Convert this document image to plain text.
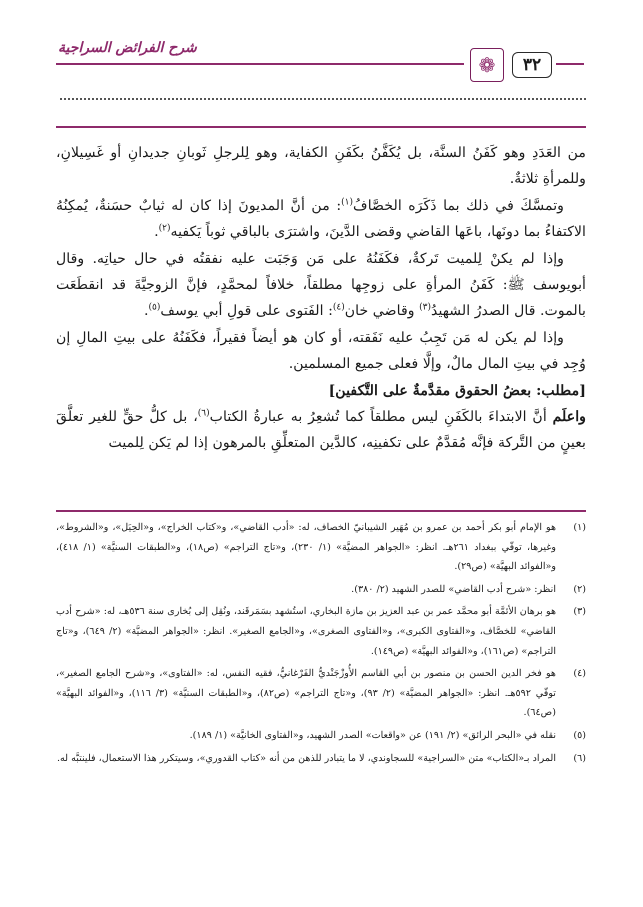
شرح الفرائض السراجية
❁	٣٢

من العَدَدِ وهو كَفَنُ السنَّة، بل يُكَفَّنُ بكَفَنِ الكفاية، وهو لِلرجلِ ثَوبانِ جديدانِ أو غَسِيلانِ، وللمرأةِ ثلاثةٌ.

وتمسَّكَ في ذلك بما ذَكَرَه الخصَّافُ$^{(١)}$: من أنَّ المديونَ إذا كان له ثيابٌ حسَنةٌ، يُمكِنُهُ الاكتفاءُ بما دونَها، باعَها القاضي وقضى الدَّينَ، واشترَى بالباقي ثوباً يَكفيه$^{(٢)}$.

وإذا لم يكنْ لِلميت تَركةٌ، فكَفَنُهُ على مَن وَجَبَت عليه نفقتُه في حال حياتِه. وقال أبويوسف ﷺ: كَفَنُ المرأةِ على زوجِها مطلقاً، خلافاً لمحمَّدٍ، فإنَّ الزوجيَّةَ قد انقطَعَت بالموت. قال الصدرُ الشهيدُ$^{(٣)}$ وقاضي خان$^{(٤)}$: الفَتوى على قولِ أبي يوسف$^{(٥)}$.

وإذا لم يكن له مَن تَجِبُ عليه نَفَقته، أو كان هو أيضاً فقيراً، فكَفَنُهُ على بيتِ المالِ إن وُجِد في بيتِ المال مالٌ، وإلَّا فعلى جميع المسلمين.

[مطلب: بعضُ الحقوق مقدَّمةٌ على التَّكفين]

واعلَم أنَّ الابتداءَ بالكَفَنِ ليس مطلقاً كما تُشعِرُ به عبارةُ الكتاب$^{(٦)}$، بل كلُّ حقٍّ للغير تعلَّقَ بعينٍ من التَّركة فإنَّه مُقدَّمٌ على تكفينِه، كالدَّين المتعلِّقِ بالمرهون إذا لم يَكن لِلميت

(١)
هو الإمام أبو بكر أحمد بن عمرو بن مُهَير الشيبانيّ الخصاف، له: «أدب القاضي»، و«كتاب الخراج»، و«الحِيَل»، و«الشروط»، وغيرها، توفّي ببغداد ٢٦١هـ. انظر: «الجواهر المضيَّة» (١/ ٢٣٠)، و«تاج التراجم» (ص١٨)، و«الطبقات السنيَّة» (١/ ٤١٨)، و«الفوائد البهيَّة» (ص٢٩).
(٢)
انظر: «شرح أدب القاضي» للصدر الشهيد (٢/ ٣٨٠).
(٣)
هو برهان الأئمَّة أبو محمَّد عمر بن عبد العزيز بن مازة البخاري، استُشهد بسَمَرقَند، ونُقِل إلى بُخارى سنة ٥٣٦هـ، له: «شرح أدب القاضي» للخصَّاف، و«الفتاوى الكبرى»، و«الفتاوى الصغرى»، و«الجامع الصغير». انظر: «الجواهر المضيَّة» (٢/ ٦٤٩)، و«تاج التراجم» (ص١٦١)، و«الفوائد البهيَّة» (ص١٤٩).
(٤)
هو فخر الدين الحسن بن منصور بن أبي القاسم الأُوزْجَنْديُّ الفَرْغانيُّ، فقيه النفس، له: «الفتاوى»، و«شرح الجامع الصغير»، توفّي ٥٩٢هـ. انظر: «الجواهر المضيَّة» (٢/ ٩٣)، و«تاج التراجم» (ص٨٢)، و«الطبقات السنيَّة» (٣/ ١١٦)، و«الفوائد البهيَّة» (ص٦٤).
(٥)
نقله في «البحر الرائق» (٢/ ١٩١) عن «واقعات» الصدر الشهيد، و«الفتاوى الخانيَّة» (١/ ١٨٩).
(٦)
المراد بـ«الكتاب» متن «السراجية» للسجاوندي، لا ما يتبادر للذهن من أنه «كتاب القدوري»، وسيتكرر هذا الاستعمال، فلينتبَّه له.
